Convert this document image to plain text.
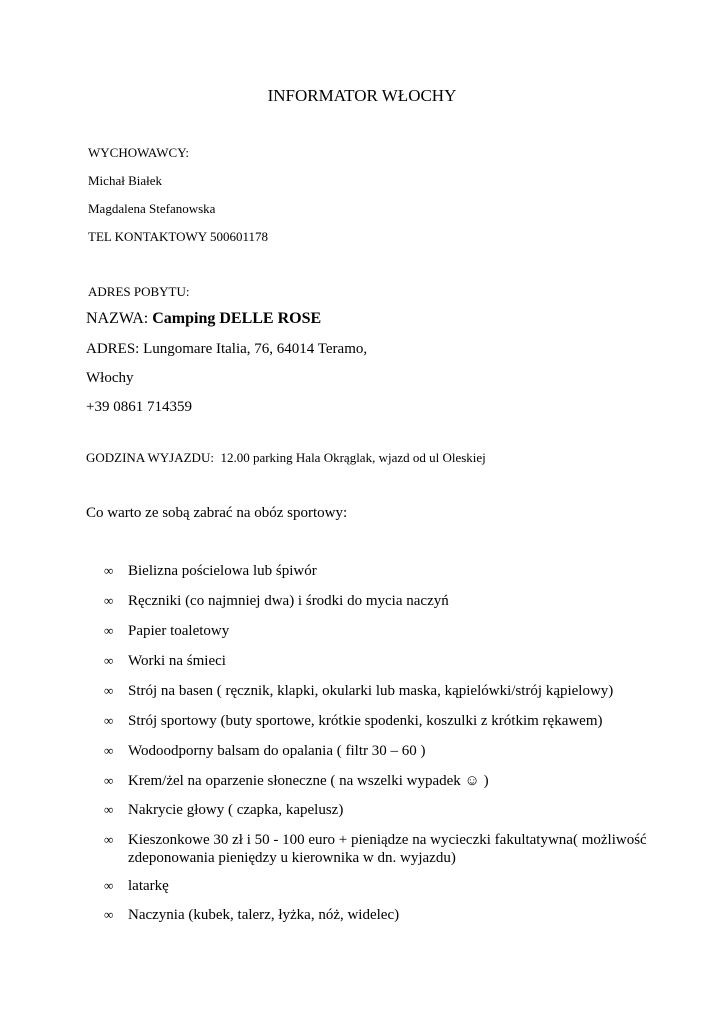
INFORMATOR WŁOCHY
WYCHOWAWCY:
Michał Białek
Magdalena Stefanowska
TEL KONTAKTOWY 500601178
ADRES POBYTU:
NAZWA: Camping DELLE ROSE
ADRES: Lungomare Italia, 76, 64014 Teramo,
Włochy
+39 0861 714359
GODZINA WYJAZDU:  12.00 parking Hala Okrąglak, wjazd od ul Oleskiej
Co warto ze sobą zabrać na obóz sportowy:
∞ Bielizna pościelowa lub śpiwór
∞ Ręczniki (co najmniej dwa) i środki do mycia naczyń
∞ Papier toaletowy
∞ Worki na śmieci
∞ Strój na basen ( ręcznik, klapki, okularki lub maska, kąpielówki/strój kąpielowy)
∞ Strój sportowy (buty sportowe, krótkie spodenki, koszulki z krótkim rękawem)
∞ Wodoodporny balsam do opalania ( filtr 30 – 60 )
∞ Krem/żel na oparzenie słoneczne ( na wszelki wypadek ☺ )
∞ Nakrycie głowy ( czapka, kapelusz)
∞ Kieszonkowe 30 zł i 50 - 100 euro + pieniądze na wycieczki fakultatywna( możliwość zdeponowania pieniędzy u kierownika w dn. wyjazdu)
∞ latarkę
∞ Naczynia (kubek, talerz, łyżka, nóż, widelec)
